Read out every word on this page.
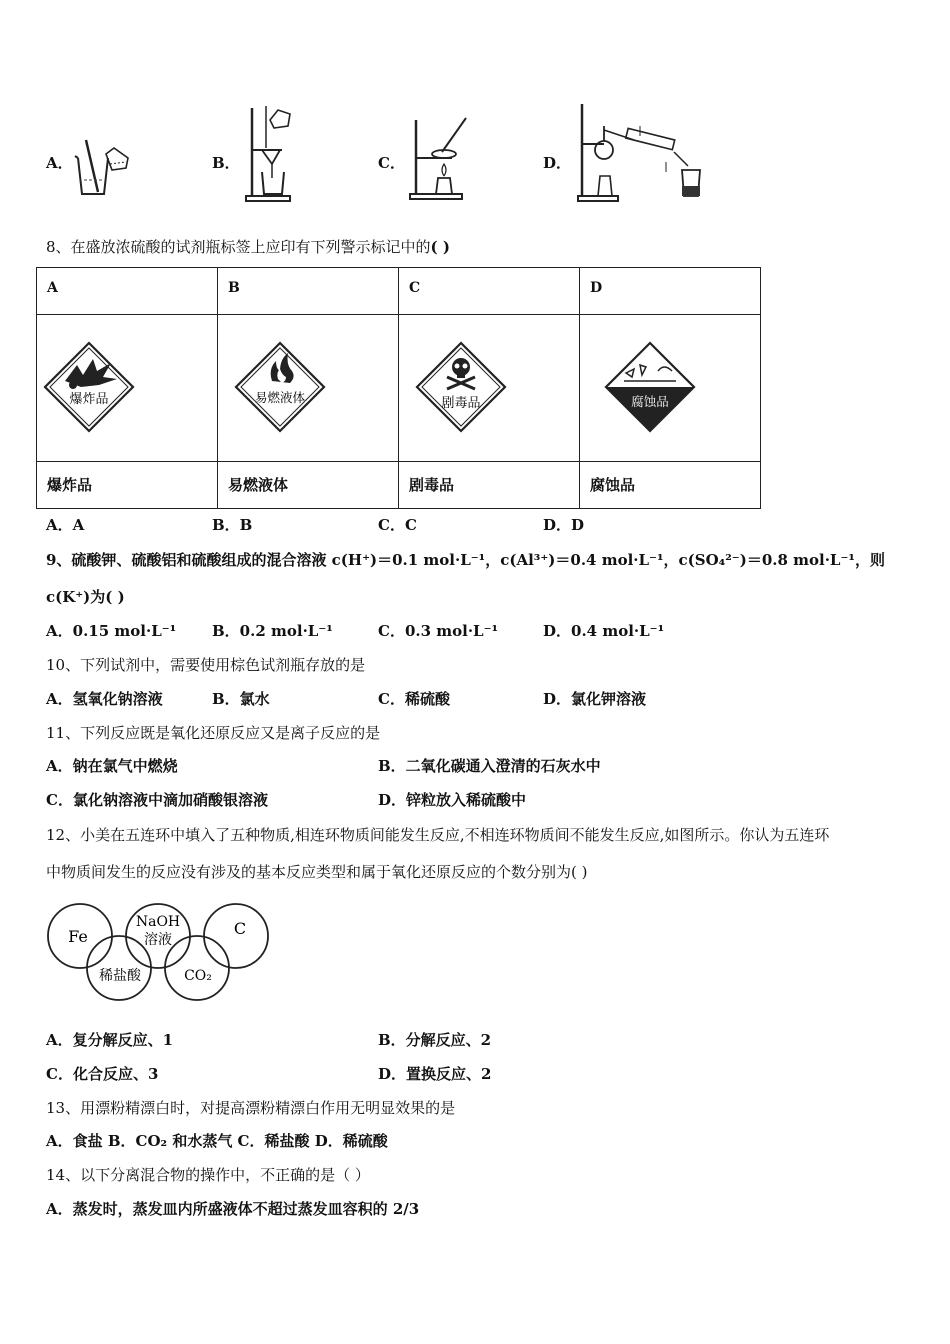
A．	B．	C．	D．
8、在盛放浓硫酸的试剂瓶标签上应印有下列警示标记中的( )
A	B	C	D

爆炸品	易燃液体	剧毒品	腐蚀品

爆炸品	易燃液体	剧毒品	腐蚀品
A．A	B．B	C．C	D．D
9、硫酸钾、硫酸铝和硫酸组成的混合溶液 c(H⁺)＝0.1 mol·L⁻¹，c(Al³⁺)＝0.4 mol·L⁻¹，c(SO₄²⁻)＝0.8 mol·L⁻¹，则
c(K⁺)为( )
A．0.15 mol·L⁻¹ B．0.2 mol·L⁻¹	C．0.3 mol·L⁻¹	D．0.4 mol·L⁻¹
10、下列试剂中，需要使用棕色试剂瓶存放的是
A．氢氧化钠溶液	B．氯水	C．稀硫酸	D．氯化钾溶液
11、下列反应既是氧化还原反应又是离子反应的是
A．钠在氯气中燃烧	B．二氧化碳通入澄清的石灰水中
C．氯化钠溶液中滴加硝酸银溶液	D．锌粒放入稀硫酸中
12、小美在五连环中填入了五种物质,相连环物质间能发生反应,不相连环物质间不能发生反应,如图所示。你认为五连环
中物质间发生的反应没有涉及的基本反应类型和属于氧化还原反应的个数分别为( )
Fe
NaOH
溶液
C
稀盐酸	CO₂
A．复分解反应、1	B．分解反应、2
C．化合反应、3	D．置换反应、2
13、用漂粉精漂白时，对提高漂粉精漂白作用无明显效果的是
A．食盐 B．CO₂ 和水蒸气 C．稀盐酸 D．稀硫酸
14、以下分离混合物的操作中，不正确的是（ ）
A．蒸发时，蒸发皿内所盛液体不超过蒸发皿容积的 2/3
